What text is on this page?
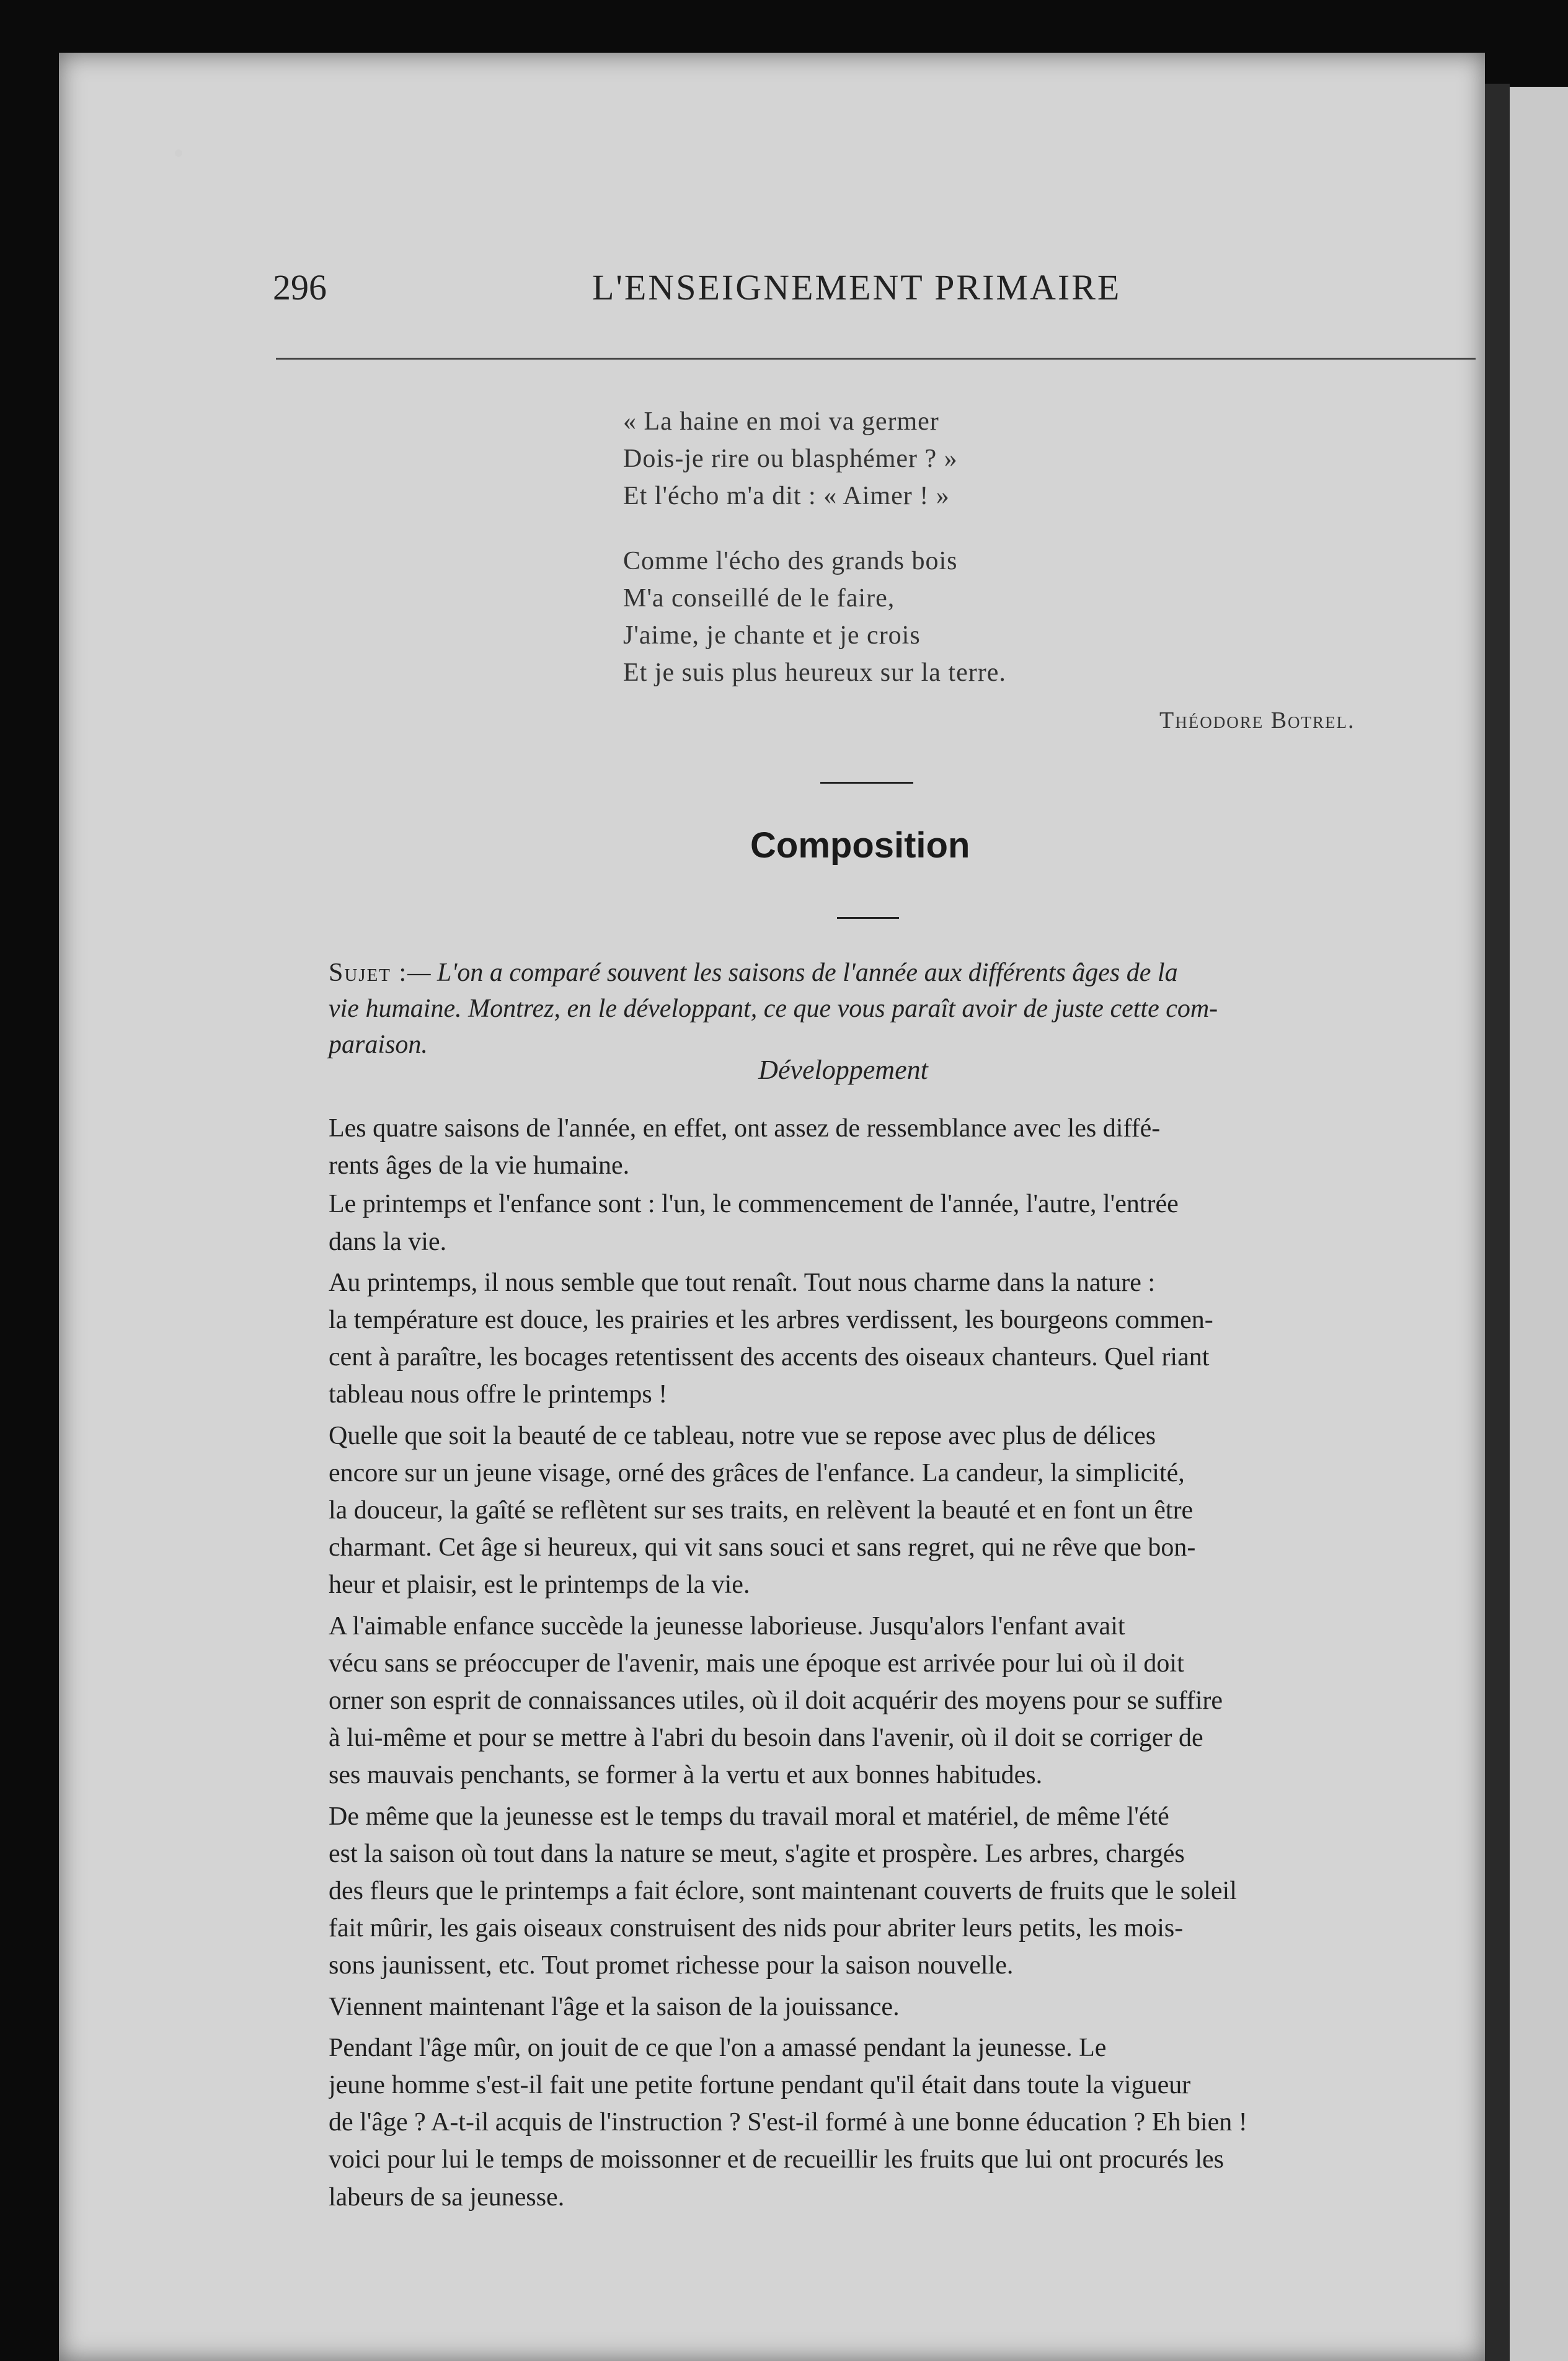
296	L'ENSEIGNEMENT PRIMAIRE
« La haine en moi va germer
Dois-je rire ou blasphémer ? »
Et l'écho m'a dit : « Aimer ! »
Comme l'écho des grands bois
M'a conseillé de le faire,
J'aime, je chante et je crois
Et je suis plus heureux sur la terre.
Théodore Botrel.
Composition
Sujet :— L'on a comparé souvent les saisons de l'année aux différents âges de la
vie humaine. Montrez, en le développant, ce que vous paraît avoir de juste cette com-
paraison.
Développement
Les quatre saisons de l'année, en effet, ont assez de ressemblance avec les diffé-
rents âges de la vie humaine.
Le printemps et l'enfance sont : l'un, le commencement de l'année, l'autre, l'entrée
dans la vie.
Au printemps, il nous semble que tout renaît. Tout nous charme dans la nature :
la température est douce, les prairies et les arbres verdissent, les bourgeons commen-
cent à paraître, les bocages retentissent des accents des oiseaux chanteurs. Quel riant
tableau nous offre le printemps !
Quelle que soit la beauté de ce tableau, notre vue se repose avec plus de délices
encore sur un jeune visage, orné des grâces de l'enfance. La candeur, la simplicité,
la douceur, la gaîté se reflètent sur ses traits, en relèvent la beauté et en font un être
charmant. Cet âge si heureux, qui vit sans souci et sans regret, qui ne rêve que bon-
heur et plaisir, est le printemps de la vie.
A l'aimable enfance succède la jeunesse laborieuse. Jusqu'alors l'enfant avait
vécu sans se préoccuper de l'avenir, mais une époque est arrivée pour lui où il doit
orner son esprit de connaissances utiles, où il doit acquérir des moyens pour se suffire
à lui-même et pour se mettre à l'abri du besoin dans l'avenir, où il doit se corriger de
ses mauvais penchants, se former à la vertu et aux bonnes habitudes.
De même que la jeunesse est le temps du travail moral et matériel, de même l'été
est la saison où tout dans la nature se meut, s'agite et prospère. Les arbres, chargés
des fleurs que le printemps a fait éclore, sont maintenant couverts de fruits que le soleil
fait mûrir, les gais oiseaux construisent des nids pour abriter leurs petits, les mois-
sons jaunissent, etc. Tout promet richesse pour la saison nouvelle.
Viennent maintenant l'âge et la saison de la jouissance.
Pendant l'âge mûr, on jouit de ce que l'on a amassé pendant la jeunesse. Le
jeune homme s'est-il fait une petite fortune pendant qu'il était dans toute la vigueur
de l'âge ? A-t-il acquis de l'instruction ? S'est-il formé à une bonne éducation ? Eh bien !
voici pour lui le temps de moissonner et de recueillir les fruits que lui ont procurés les
labeurs de sa jeunesse.
